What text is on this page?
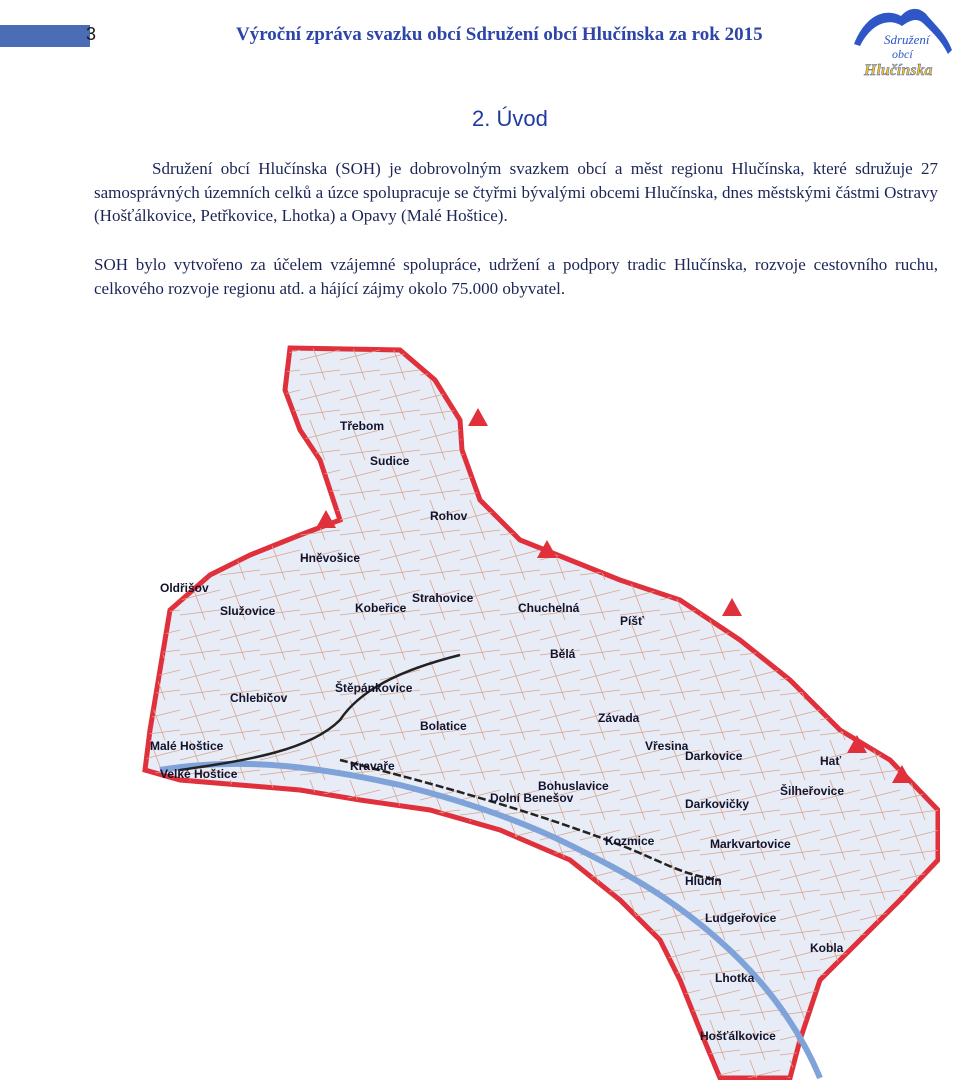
3	Výroční zpráva svazku obcí Sdružení obcí Hlučínska za rok 2015	Sdružení
obcí
Hlučínska
2. Úvod
Sdružení obcí Hlučínska (SOH) je dobrovolným svazkem obcí a měst regionu Hlučínska, které sdružuje 27 samosprávných územních celků a úzce spolupracuje se čtyřmi bývalými obcemi Hlučínska, dnes městskými částmi Ostravy (Hošťálkovice, Petřkovice, Lhotka) a Opavy (Malé Hoštice).
SOH bylo vytvořeno za účelem vzájemné spolupráce, udržení a podpory tradic Hlučínska, rozvoje cestovního ruchu, celkového rozvoje regionu atd. a hájící zájmy okolo 75.000 obyvatel.
Třebom
Sudice
Rohov
Hněvošice
Strahovice
Oldřišov
Služovice	Kobeřice	Chuchelná
Píšť
Bělá
Štěpánkovice
Chlebičov
Bolatice
Závada
Vřesina
Malé Hoštice
Velké Hoštice
Kravaře
Bohuslavice
Darkovice	Hať
Šilheřovice
Darkovičky
Dolní Benešov
Kozmice	Markvartovice
Hlučín
Ludgeřovice
Kobla
Lhotka
Hošťálkovice
